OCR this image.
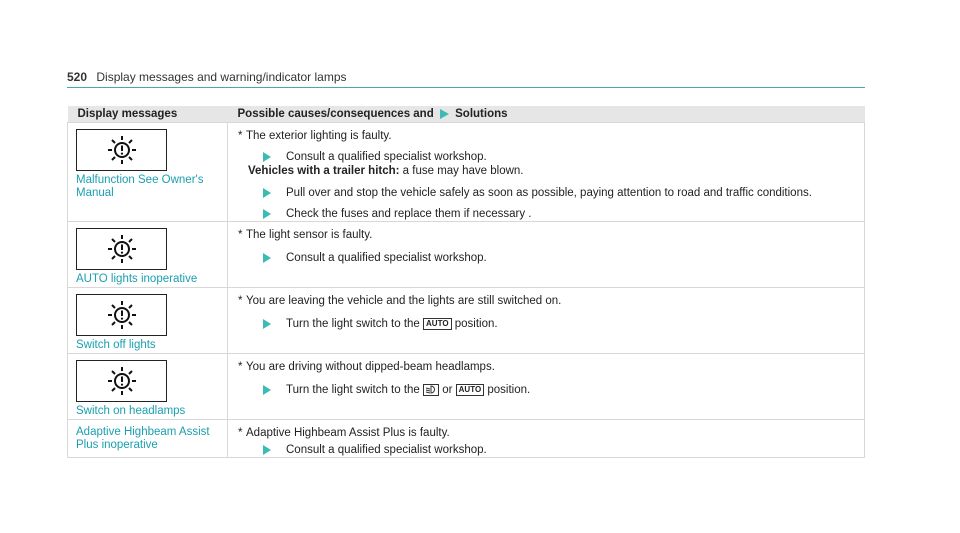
520 Display messages and warning/indicator lamps
Display messages	Possible causes/consequences and Solutions

Malfunction See Owner's Manual	* The exterior lighting is faulty.
Consult a qualified specialist workshop.
Vehicles with a trailer hitch: a fuse may have blown.
Pull over and stop the vehicle safely as soon as possible, paying attention to road and traffic conditions.
Check the fuses and replace them if necessary .

AUTO lights inoperative	* The light sensor is faulty.
Consult a qualified specialist workshop.

Switch off lights	* You are leaving the vehicle and the lights are still switched on.
Turn the light switch to the AUTO position.

Switch on headlamps	* You are driving without dipped-beam headlamps.
Turn the light switch to the or AUTO position.

Adaptive Highbeam Assist Plus inoperative	* Adaptive Highbeam Assist Plus is faulty.
Consult a qualified specialist workshop.
